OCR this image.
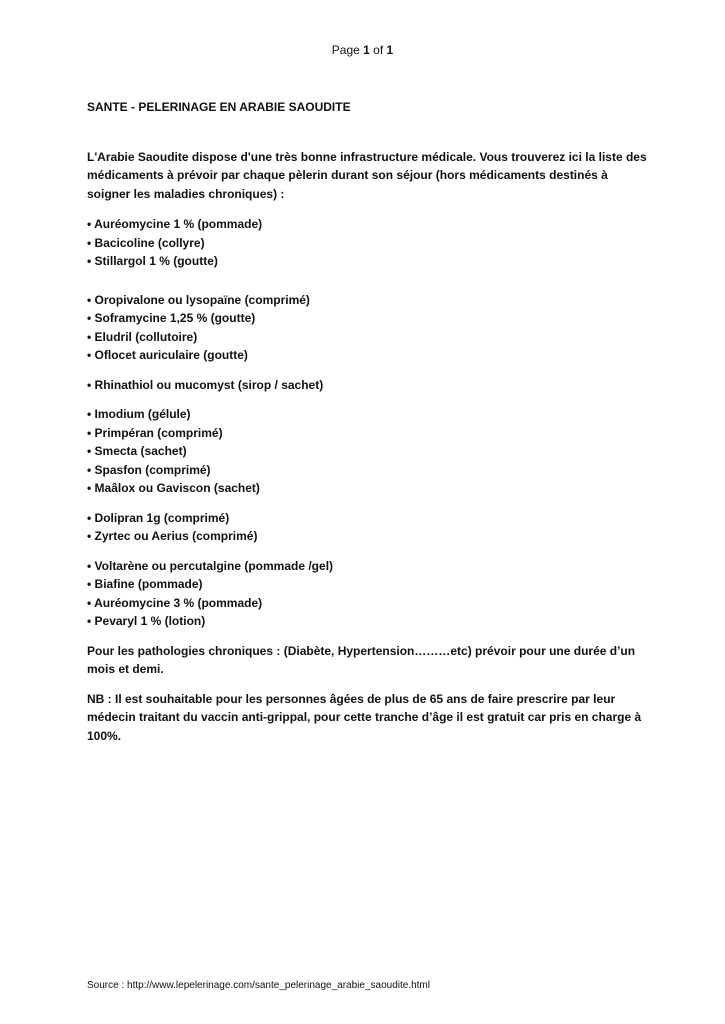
Page 1 of 1

SANTE - PELERINAGE EN ARABIE SAOUDITE

L'Arabie Saoudite dispose d'une très bonne infrastructure médicale. Vous trouverez ici la liste des médicaments à prévoir par chaque pèlerin durant son séjour (hors médicaments destinés à soigner les maladies chroniques) :

• Auréomycine 1 % (pommade)
• Bacicoline (collyre)
• Stillargol 1 % (goutte)
• Oropivalone ou lysopaïne (comprimé)
• Soframycine 1,25 % (goutte)
• Eludril (collutoire)
• Oflocet auriculaire (goutte)
• Rhinathiol ou mucomyst (sirop / sachet)
• Imodium (gélule)
• Primpéran (comprimé)
• Smecta (sachet)
• Spasfon (comprimé)
• Maâlox ou Gaviscon (sachet)
• Dolipran 1g (comprimé)
• Zyrtec ou Aerius (comprimé)
• Voltarène ou percutalgine (pommade /gel)
• Biafine (pommade)
• Auréomycine 3 % (pommade)
• Pevaryl 1 % (lotion)

Pour les pathologies chroniques : (Diabète, Hypertension………etc) prévoir pour une durée d’un mois et demi.

NB : Il est souhaitable pour les personnes âgées de plus de 65 ans de faire prescrire par leur médecin traitant du vaccin anti-grippal, pour cette tranche d’âge il est gratuit car pris en charge à 100%.

Source : http://www.lepelerinage.com/sante_pelerinage_arabie_saoudite.html
